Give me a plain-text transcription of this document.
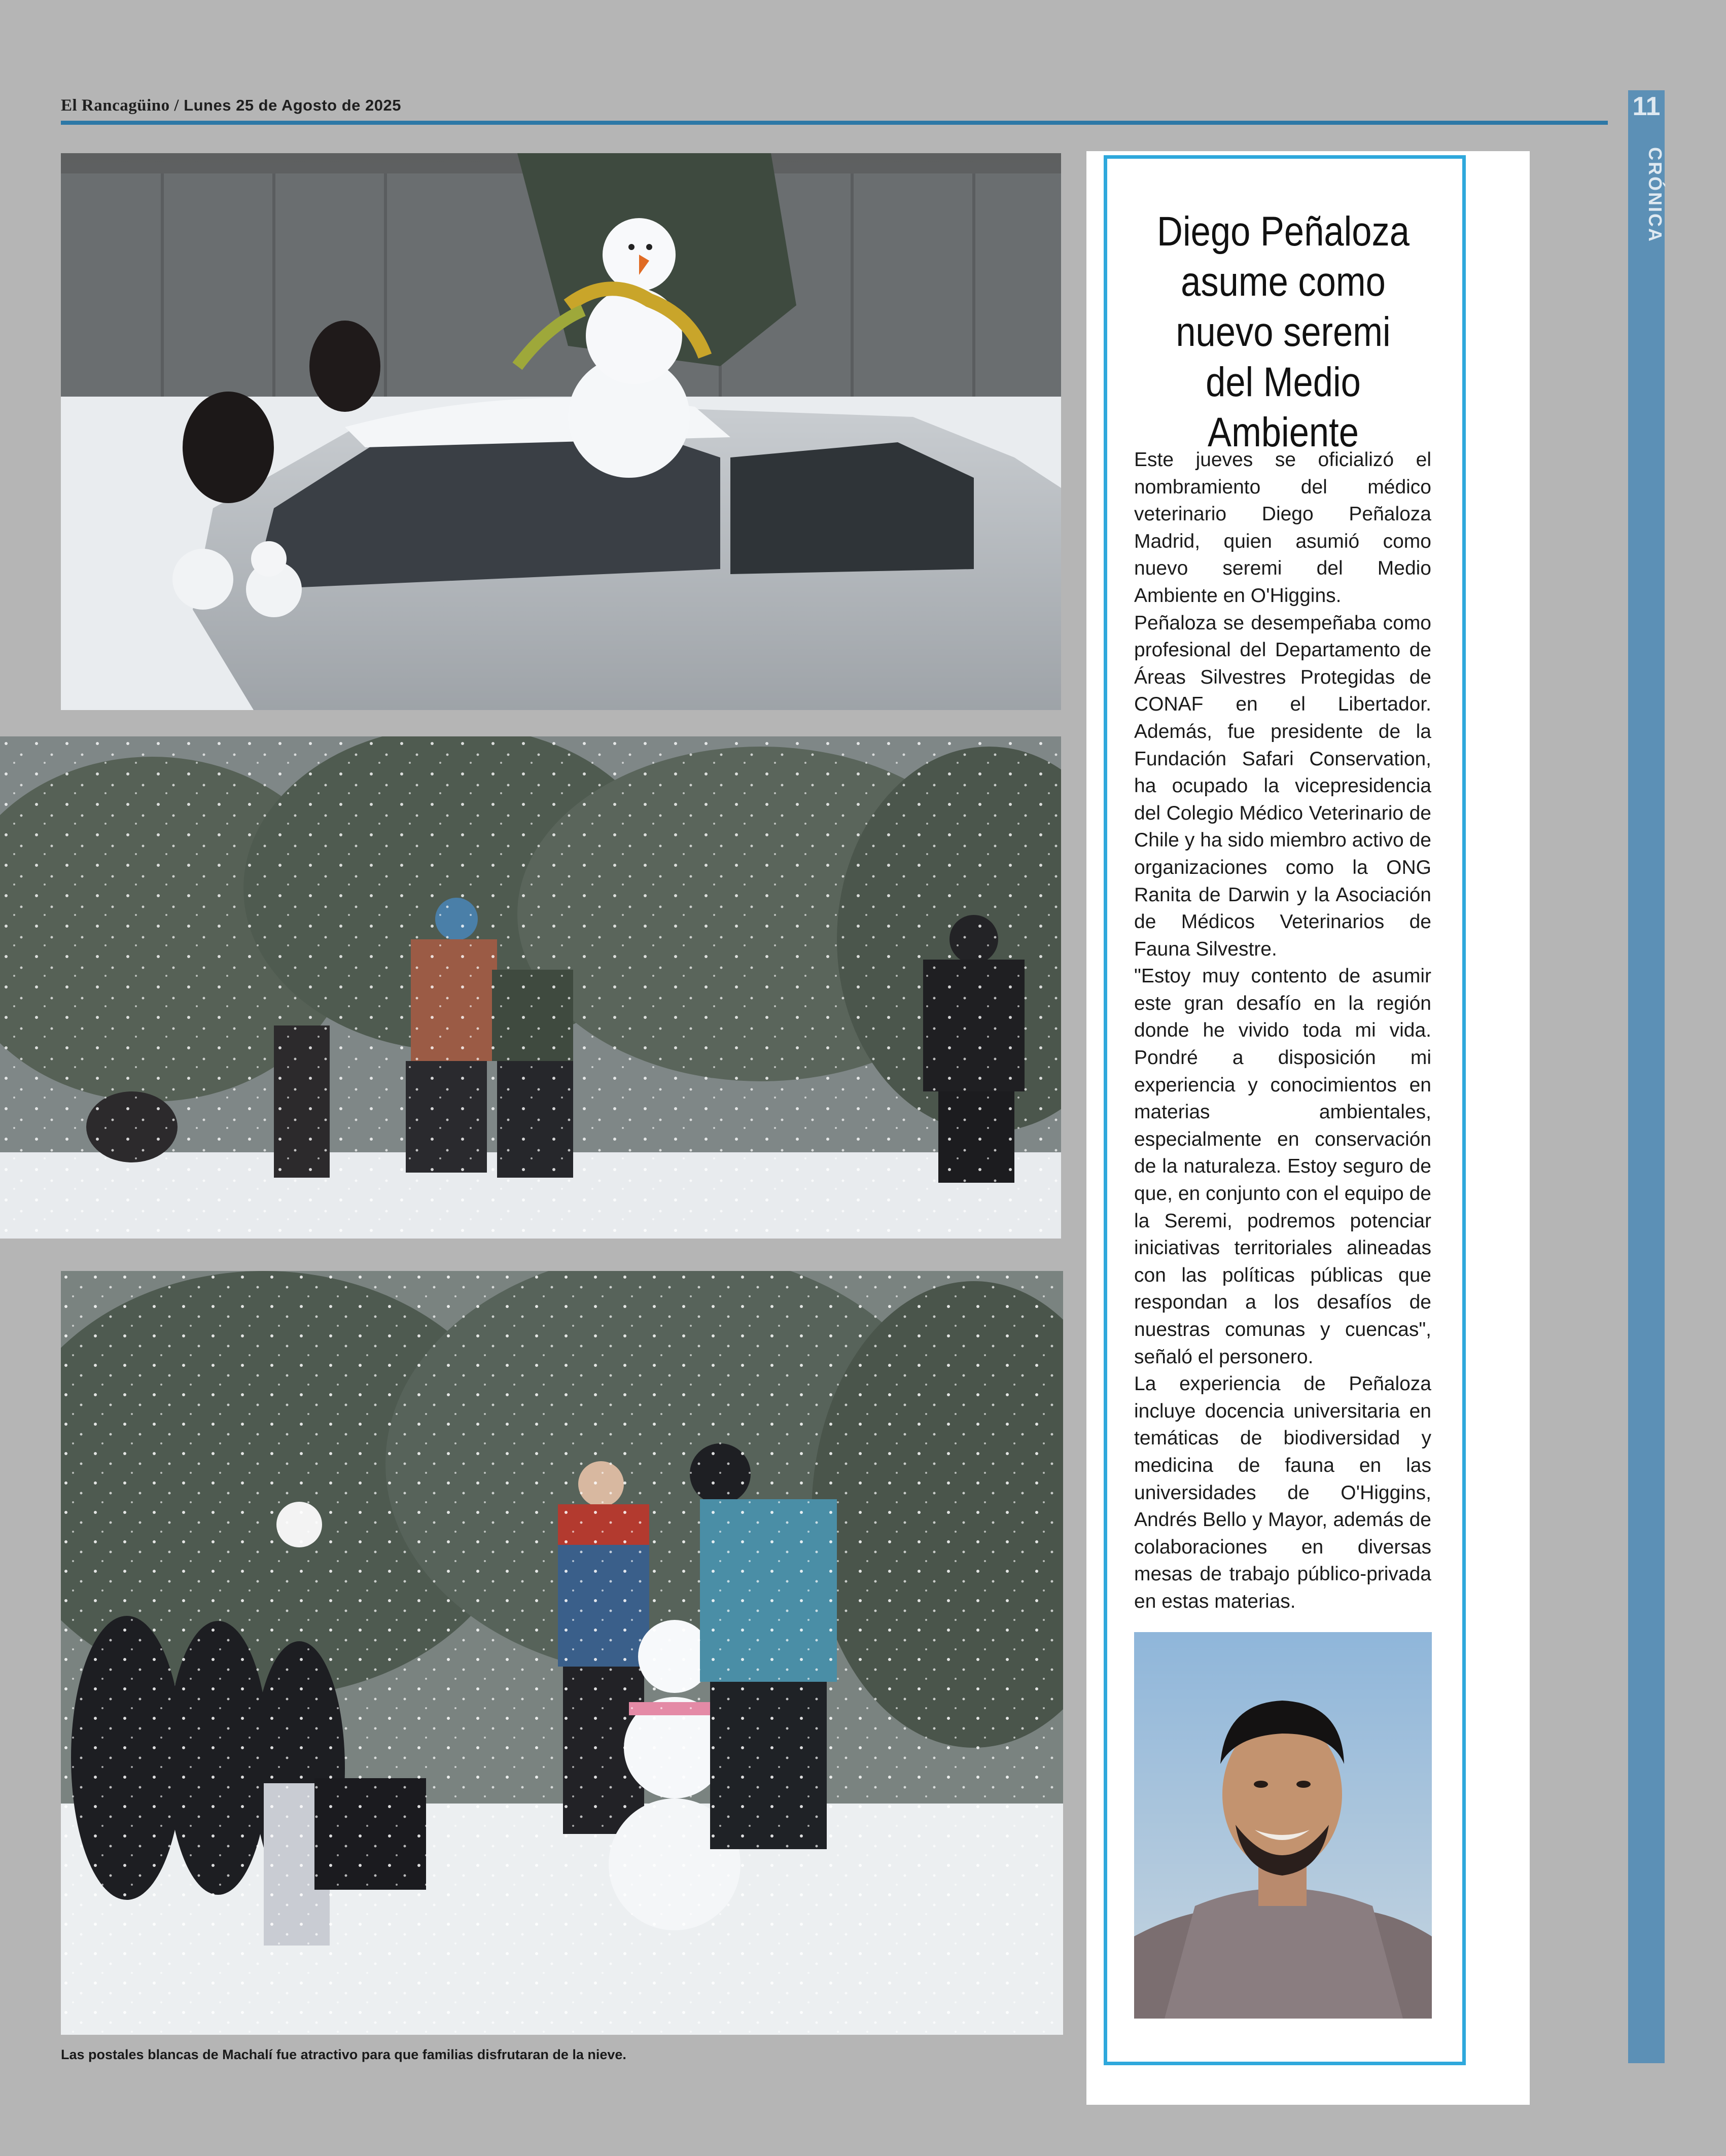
El Rancagüino / Lunes 25 de Agosto de 2025	11
CRÓNICA
Las postales blancas de Machalí fue atractivo para que familias disfrutaran de la nieve.
Diego Peñaloza
asume como
nuevo seremi
del Medio
Ambiente

Este jueves se oficializó el nombramiento del médico veterinario Diego Peñaloza Madrid, quien asumió como nuevo seremi del Medio Ambiente en O'Higgins.

Peñaloza se desempeñaba como profesional del Departamento de Áreas Silvestres Protegidas de CONAF en el Libertador. Además, fue presidente de la Fundación Safari Conservation, ha ocupado la vicepresidencia del Colegio Médico Veterinario de Chile y ha sido miembro activo de organizaciones como la ONG Ranita de Darwin y la Asociación de Médicos Veterinarios de Fauna Silvestre.

"Estoy muy contento de asumir este gran desafío en la región donde he vivido toda mi vida. Pondré a disposición mi experiencia y conocimientos en materias ambientales, especialmente en conservación de la naturaleza. Estoy seguro de que, en conjunto con el equipo de la Seremi, podremos potenciar iniciativas territoriales alineadas con las políticas públicas que respondan a los desafíos de nuestras comunas y cuencas", señaló el personero.

La experiencia de Peñaloza incluye docencia universitaria en temáticas de biodiversidad y medicina de fauna en las universidades de O'Higgins, Andrés Bello y Mayor, además de colaboraciones en diversas mesas de trabajo público-privada en estas materias.
